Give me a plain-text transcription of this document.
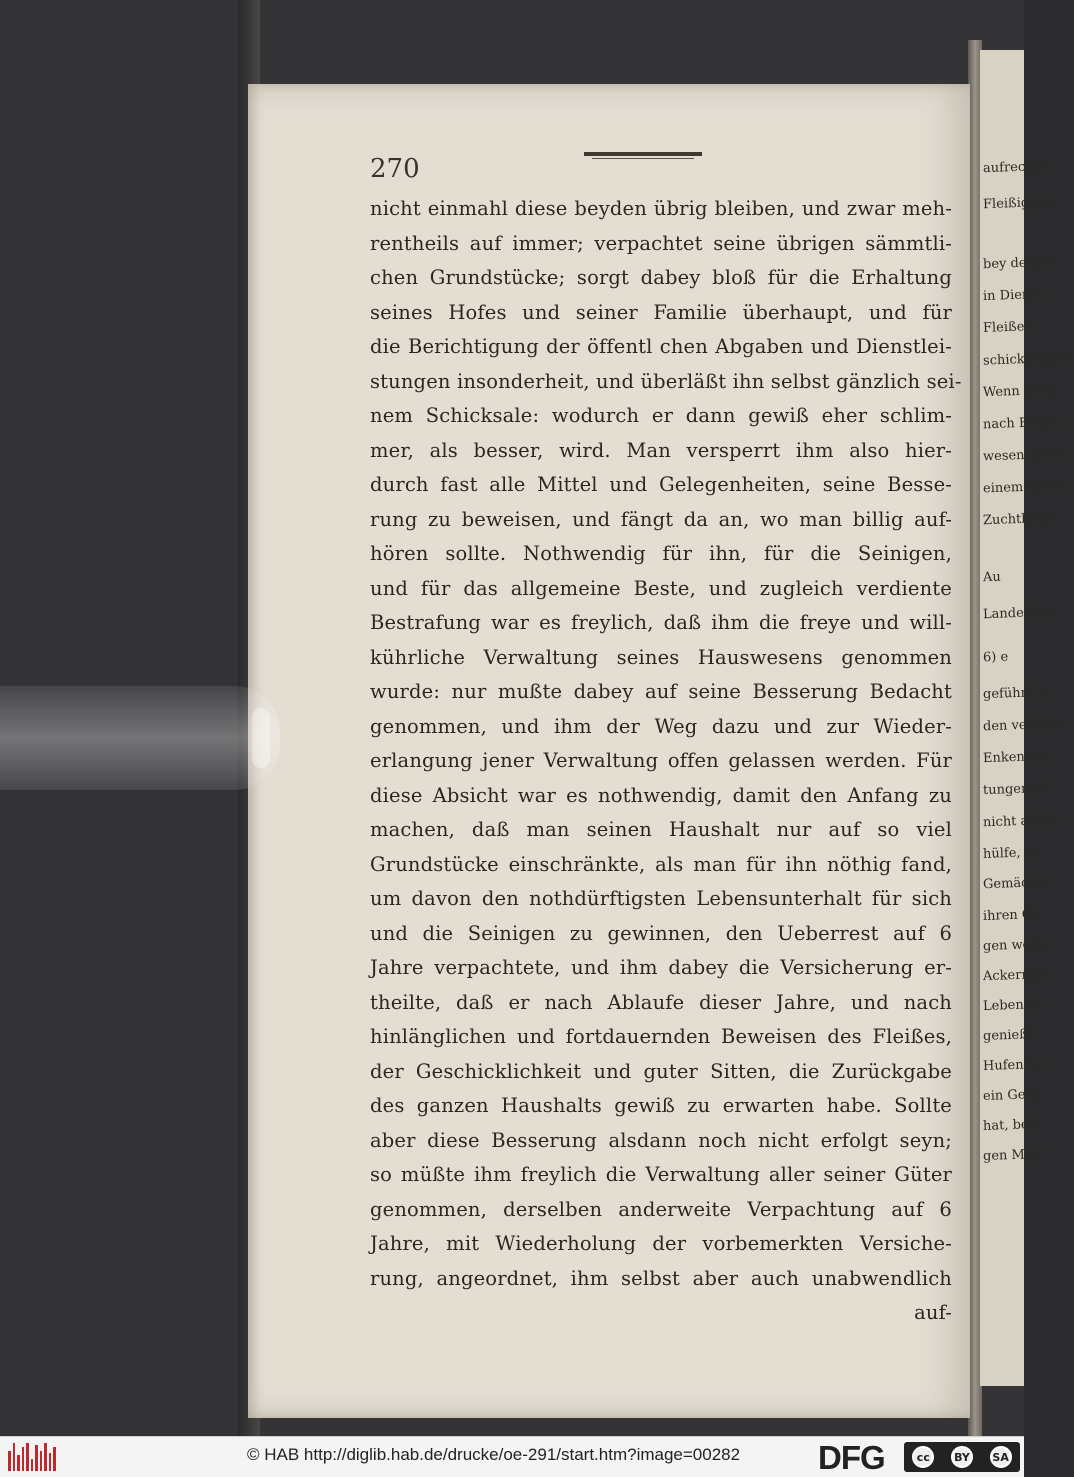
aufrechge
Fleißigern
bey dem P
in Dienst
Fleißes,
schicklichkeit
Wenn derg
nach Endsc
wesen nicht
einem solch
Zuchthaus
Au
Lande ben
6) e
geführt, u
den verdien
Enken un
tungen ei
nicht allein
hülfe, so
Gemächlic
ihren Gr
gen wege
Ackerman
Lebensja
genießt,
Hufen be
ein Gesp
hat, bed
gen Mag
270
nicht einmahl diese beyden übrig bleiben, und zwar meh-
rentheils auf immer; verpachtet seine übrigen sämmtli-
chen Grundstücke; sorgt dabey bloß für die Erhaltung
seines Hofes und seiner Familie überhaupt, und für
die Berichtigung der öffentl chen Abgaben und Dienstlei-
stungen insonderheit, und überläßt ihn selbst gänzlich sei-
nem Schicksale: wodurch er dann gewiß eher schlim-
mer, als besser, wird. Man versperrt ihm also hier-
durch fast alle Mittel und Gelegenheiten, seine Besse-
rung zu beweisen, und fängt da an, wo man billig auf-
hören sollte. Nothwendig für ihn, für die Seinigen,
und für das allgemeine Beste, und zugleich verdiente
Bestrafung war es freylich, daß ihm die freye und will-
kührliche Verwaltung seines Hauswesens genommen
wurde: nur mußte dabey auf seine Besserung Bedacht
genommen, und ihm der Weg dazu und zur Wieder-
erlangung jener Verwaltung offen gelassen werden. Für
diese Absicht war es nothwendig, damit den Anfang zu
machen, daß man seinen Haushalt nur auf so viel
Grundstücke einschränkte, als man für ihn nöthig fand,
um davon den nothdürftigsten Lebensunterhalt für sich
und die Seinigen zu gewinnen, den Ueberrest auf 6
Jahre verpachtete, und ihm dabey die Versicherung er-
theilte, daß er nach Ablaufe dieser Jahre, und nach
hinlänglichen und fortdauernden Beweisen des Fleißes,
der Geschicklichkeit und guter Sitten, die Zurückgabe
des ganzen Haushalts gewiß zu erwarten habe. Sollte
aber diese Besserung alsdann noch nicht erfolgt seyn;
so müßte ihm freylich die Verwaltung aller seiner Güter
genommen, derselben anderweite Verpachtung auf 6
Jahre, mit Wiederholung der vorbemerkten Versiche-
rung, angeordnet, ihm selbst aber auch unabwendlich
auf-
© HAB http://diglib.hab.de/drucke/oe-291/start.htm?image=00282 DFG	cc	BY SA
